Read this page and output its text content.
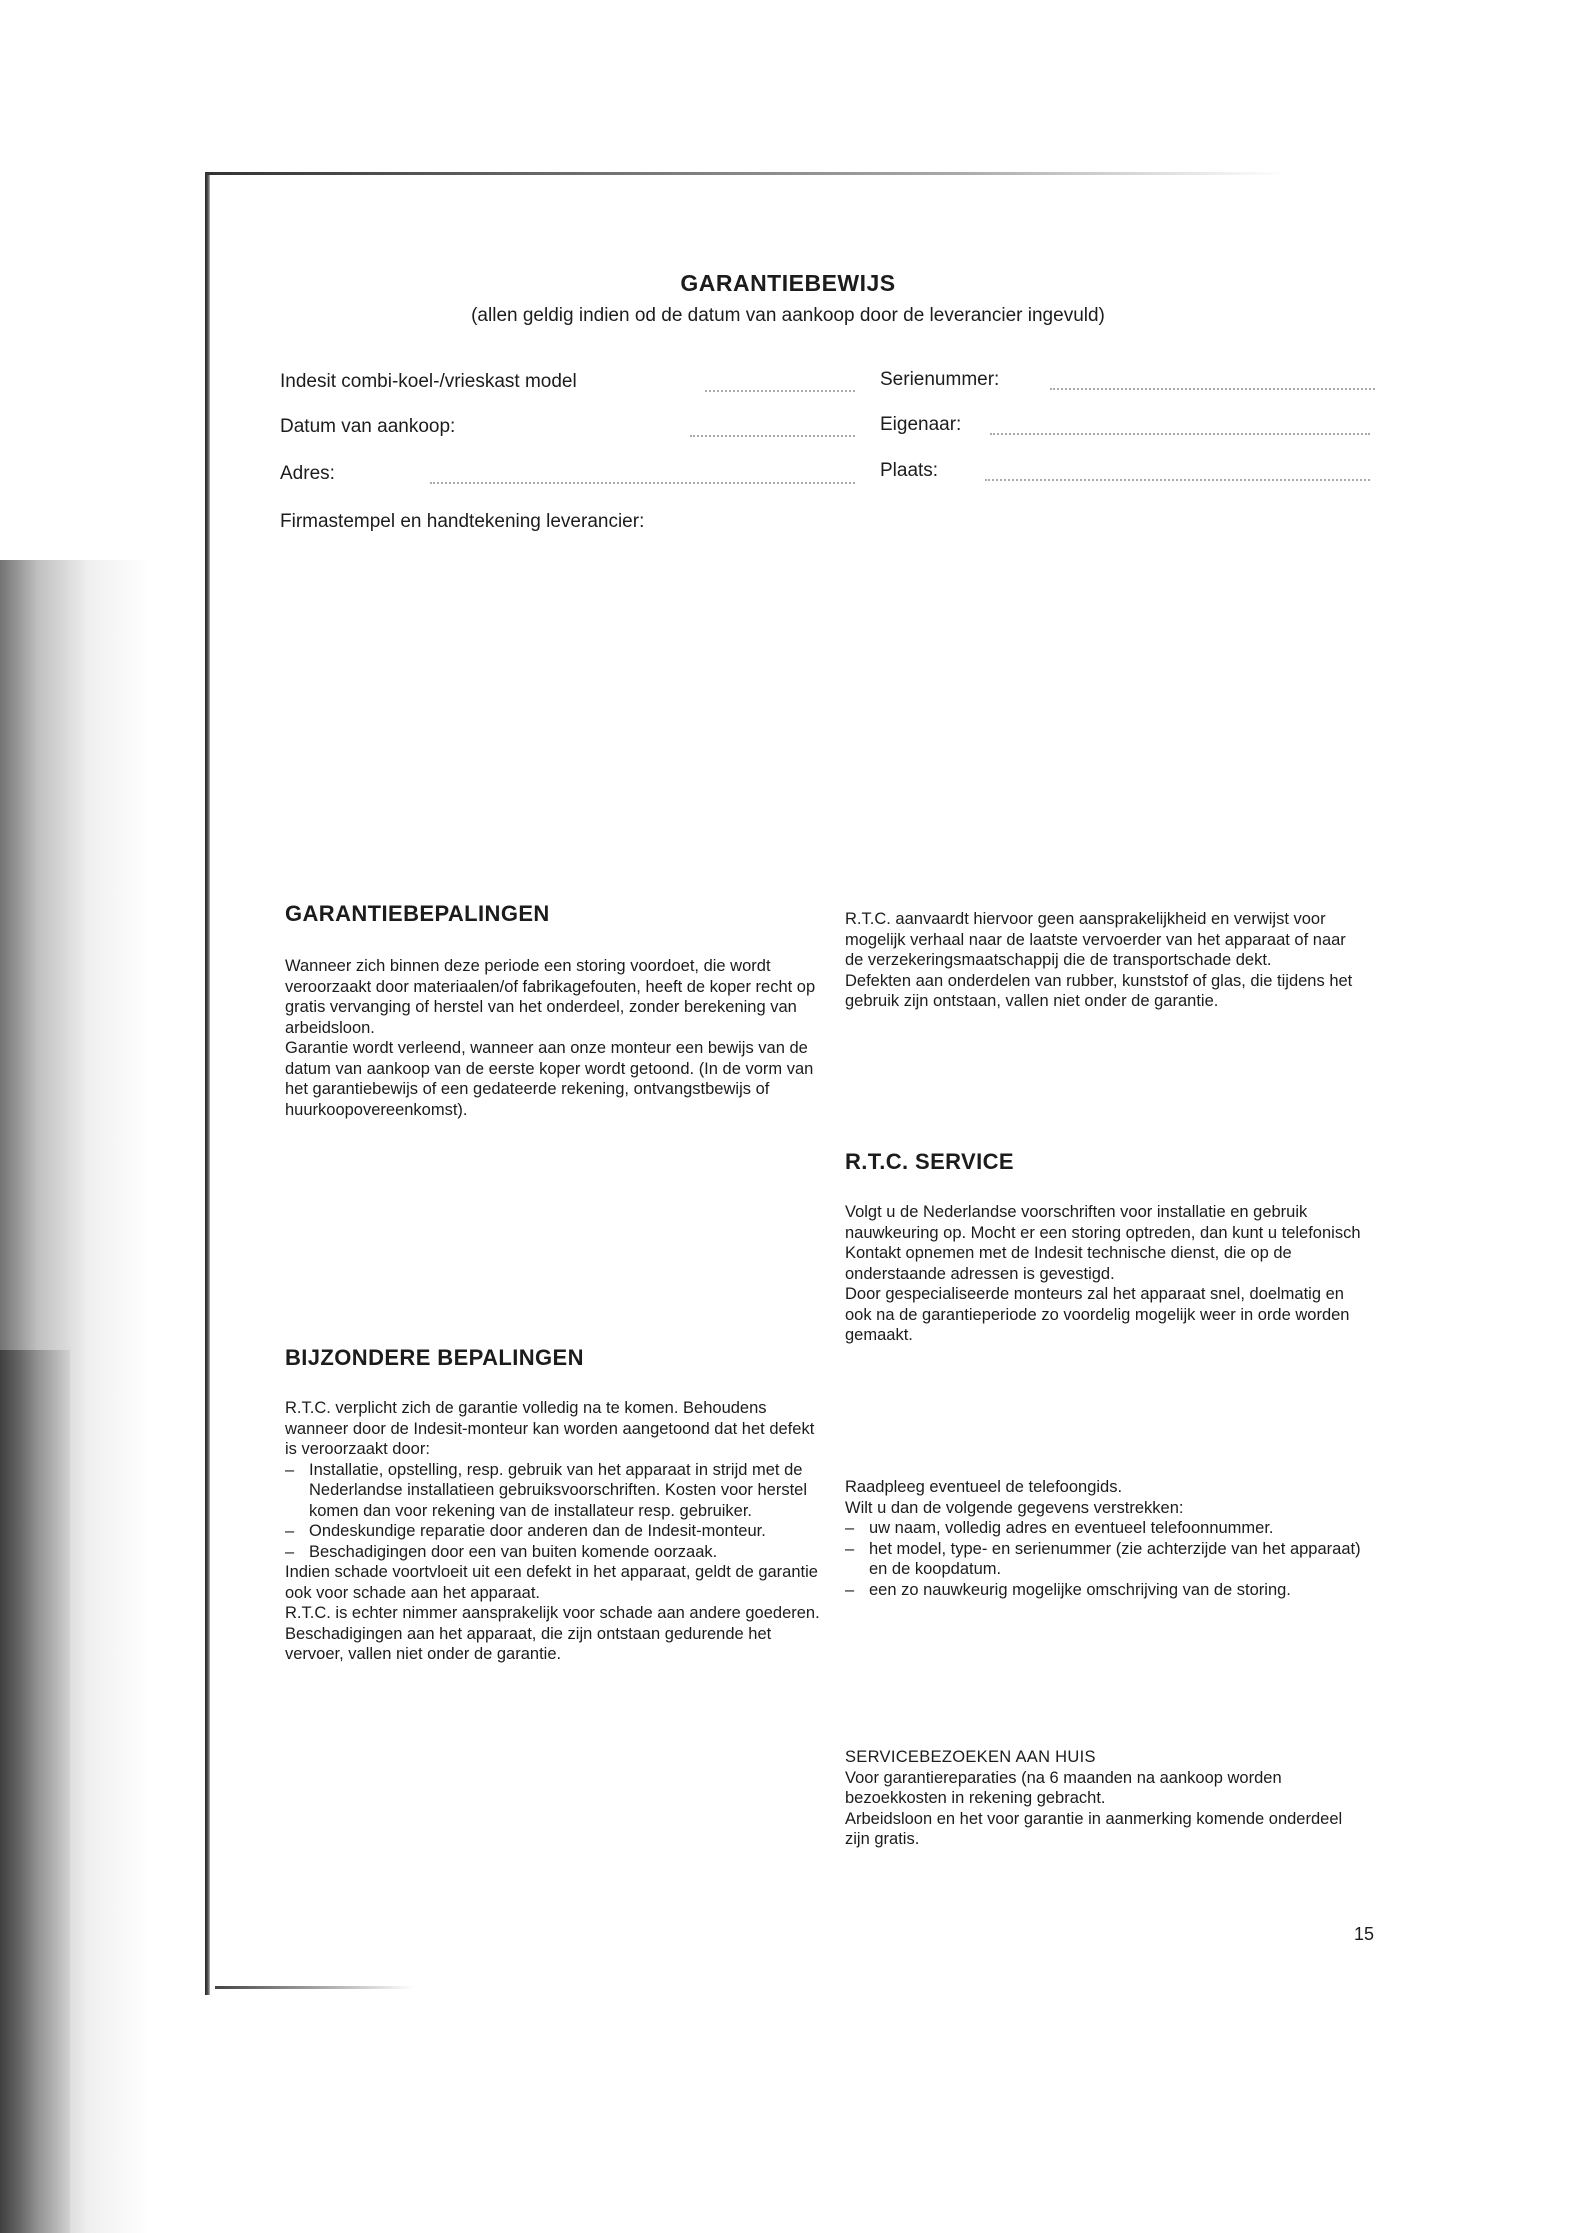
GARANTIEBEWIJS
(allen geldig indien od de datum van aankoop door de leverancier ingevuld)
Indesit combi-koel-/vrieskast model	Serienummer:
Datum van aankoop:	Eigenaar:
Adres:	Plaats:
Firmastempel en handtekening leverancier:
GARANTIEBEPALINGEN

Wanneer zich binnen deze periode een storing voordoet, die wordt veroorzaakt door materiaalen/of fabrikagefouten, heeft de koper recht op gratis vervanging of herstel van het onderdeel, zonder berekening van arbeidsloon.

Garantie wordt verleend, wanneer aan onze monteur een bewijs van de datum van aankoop van de eerste koper wordt getoond. (In de vorm van het garantiebewijs of een gedateerde rekening, ontvangstbewijs of huurkoopovereenkomst).

BIJZONDERE BEPALINGEN

R.T.C. verplicht zich de garantie volledig na te komen. Behoudens wanneer door de Indesit-monteur kan worden aangetoond dat het defekt is veroorzaakt door:

– Installatie, opstelling, resp. gebruik van het apparaat in strijd met de Nederlandse installatieen gebruiksvoorschriften. Kosten voor herstel komen dan voor rekening van de installateur resp. gebruiker.
– Ondeskundige reparatie door anderen dan de Indesit-monteur.
– Beschadigingen door een van buiten komende oorzaak.

Indien schade voortvloeit uit een defekt in het apparaat, geldt de garantie ook voor schade aan het apparaat.

R.T.C. is echter nimmer aansprakelijk voor schade aan andere goederen. Beschadigingen aan het apparaat, die zijn ontstaan gedurende het vervoer, vallen niet onder de garantie.

R.T.C. aanvaardt hiervoor geen aansprakelijkheid en verwijst voor mogelijk verhaal naar de laatste vervoerder van het apparaat of naar de verzekeringsmaatschappij die de transportschade dekt.

Defekten aan onderdelen van rubber, kunststof of glas, die tijdens het gebruik zijn ontstaan, vallen niet onder de garantie.

R.T.C. SERVICE

Volgt u de Nederlandse voorschriften voor installatie en gebruik nauwkeuring op. Mocht er een storing optreden, dan kunt u telefonisch Kontakt opnemen met de Indesit technische dienst, die op de onderstaande adressen is gevestigd.

Door gespecialiseerde monteurs zal het apparaat snel, doelmatig en ook na de garantieperiode zo voordelig mogelijk weer in orde worden gemaakt.

Raadpleeg eventueel de telefoongids.

Wilt u dan de volgende gegevens verstrekken:

– uw naam, volledig adres en eventueel telefoonnummer.
– het model, type- en serienummer (zie achterzijde van het apparaat) en de koopdatum.
– een zo nauwkeurig mogelijke omschrijving van de storing.

SERVICEBEZOEKEN AAN HUIS

Voor garantiereparaties (na 6 maanden na aankoop worden bezoekkosten in rekening gebracht.

Arbeidsloon en het voor garantie in aanmerking komende onderdeel zijn gratis.

15
